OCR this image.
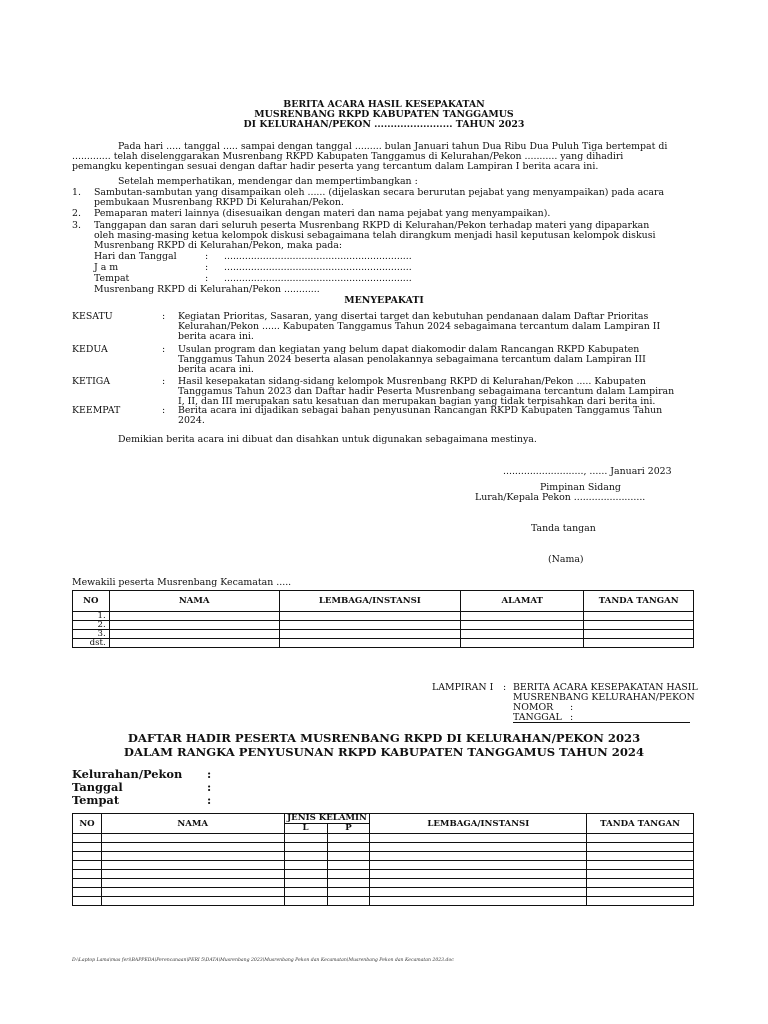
BERITA ACARA HASIL KESEPAKATAN
MUSRENBANG RKPD KABUPATEN TANGGAMUS
DI KELURAHAN/PEKON ........................ TAHUN 2023
Pada hari ..... tanggal ..... sampai dengan tanggal ......... bulan Januari tahun Dua Ribu Dua Puluh Tiga bertempat di
............. telah diselenggarakan Musrenbang RKPD Kabupaten Tanggamus di Kelurahan/Pekon ........... yang dihadiri
pemangku kepentingan sesuai dengan daftar hadir peserta yang tercantum dalam Lampiran I berita acara ini.
Setelah memperhatikan, mendengar dan mempertimbangkan :
1. Sambutan-sambutan yang disampaikan oleh ...... (dijelaskan secara berurutan pejabat yang menyampaikan) pada acara
pembukaan Musrenbang RKPD Di Kelurahan/Pekon.
2. Pemaparan materi lainnya (disesuaikan dengan materi dan nama pejabat yang menyampaikan).
3. Tanggapan dan saran dari seluruh peserta Musrenbang RKPD di Kelurahan/Pekon terhadap materi yang dipaparkan
oleh masing-masing ketua kelompok diskusi sebagaimana telah dirangkum menjadi hasil keputusan kelompok diskusi
Musrenbang RKPD di Kelurahan/Pekon, maka pada:
Hari dan Tanggal	: ...............................................................
J a m	: ...............................................................
Tempat	: ...............................................................
Musrenbang RKPD di Kelurahan/Pekon ............
MENYEPAKATI
KESATU	: Kegiatan Prioritas, Sasaran, yang disertai target dan kebutuhan pendanaan dalam Daftar Prioritas
Kelurahan/Pekon ...... Kabupaten Tanggamus Tahun 2024 sebagaimana tercantum dalam Lampiran II
berita acara ini.
KEDUA	: Usulan program dan kegiatan yang belum dapat diakomodir dalam Rancangan RKPD Kabupaten
Tanggamus Tahun 2024 beserta alasan penolakannya sebagaimana tercantum dalam Lampiran III
berita acara ini.
KETIGA	: Hasil kesepakatan sidang-sidang kelompok Musrenbang RKPD di Kelurahan/Pekon ..... Kabupaten
Tanggamus Tahun 2023 dan Daftar hadir Peserta Musrenbang sebagaimana tercantum dalam Lampiran
I, II, dan III merupakan satu kesatuan dan merupakan bagian yang tidak terpisahkan dari berita ini.
KEEMPAT	: Berita acara ini dijadikan sebagai bahan penyusunan Rancangan RKPD Kabupaten Tanggamus Tahun
2024.
Demikian berita acara ini dibuat dan disahkan untuk digunakan sebagaimana mestinya.
..........................., ...... Januari 2023
Pimpinan Sidang
Lurah/Kepala Pekon ........................
Tanda tangan
(Nama)
Mewakili peserta Musrenbang Kecamatan .....
NO	NAMA	LEMBAGA/INSTANSI	ALAMAT	TANDA TANGAN
1.				
2.				
3.				
dst.				
LAMPIRAN I : BERITA ACARA KESEPAKATAN HASIL
MUSRENBANG KELURAHAN/PEKON
NOMOR :
TANGGAL :
DAFTAR HADIR PESERTA MUSRENBANG RKPD DI KELURAHAN/PEKON 2023
DALAM RANGKA PENYUSUNAN RKPD KABUPATEN TANGGAMUS TAHUN 2024
Kelurahan/Pekon :
Tanggal	:
Tempat	:
NO	NAMA	JENIS KELAMIN		LEMBAGA/INSTANSI	TANDA TANGAN
		L	P		

D:\Laptop Lama\mas feri\BAPPEDA\Perencanaan\PERI 5\DATA\Musrenbang 2023\Musrenbang Pekon dan Kecamatan\Musrenbang Pekon dan Kecamatan 2023.doc
